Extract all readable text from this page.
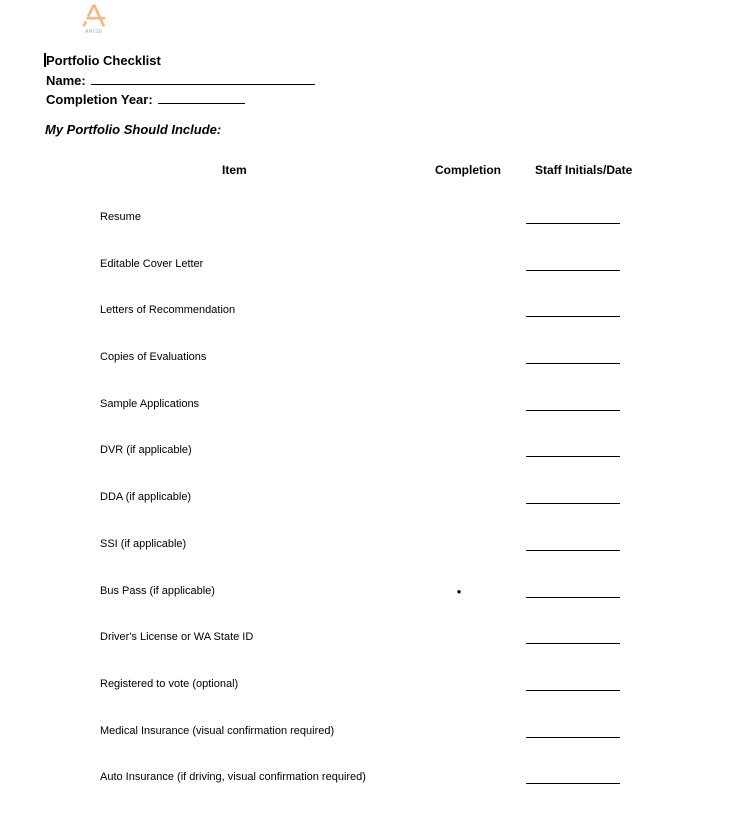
ARISE
Portfolio Checklist
Name:
Completion Year:
My Portfolio Should Include:
Item	Completion	Staff Initials/Date
Resume
Editable Cover Letter
Letters of Recommendation
Copies of Evaluations
Sample Applications
DVR (if applicable)
DDA (if applicable)
SSI (if applicable)
Bus Pass (if applicable)	●
Driver's License or WA State ID
Registered to vote (optional)
Medical Insurance (visual confirmation required)
Auto Insurance (if driving, visual confirmation required)
